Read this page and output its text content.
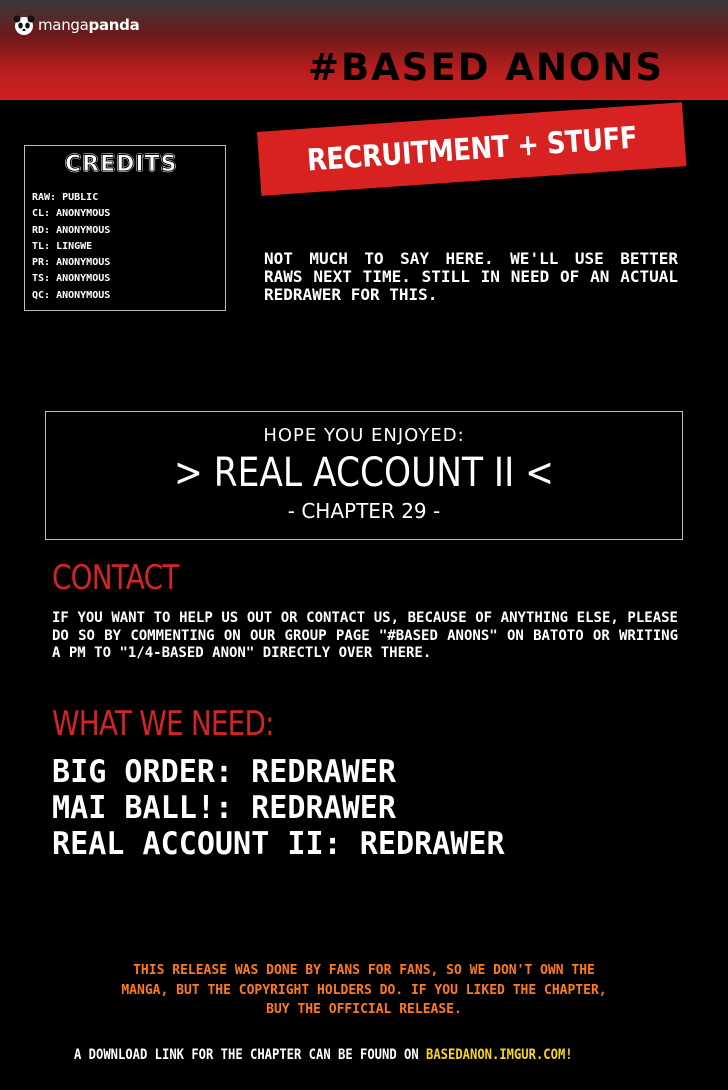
mangapanda
#BASED ANONS
CREDITS
RAW: PUBLIC
CL: ANONYMOUS
RD: ANONYMOUS
TL: LINGWE
PR: ANONYMOUS
TS: ANONYMOUS
QC: ANONYMOUS
RECRUITMENT + STUFF
NOT MUCH TO SAY HERE. WE'LL USE BETTER RAWS NEXT TIME. STILL IN NEED OF AN ACTUAL REDRAWER FOR THIS.
HOPE YOU ENJOYED:
> REAL ACCOUNT II <
- CHAPTER 29 -
CONTACT
IF YOU WANT TO HELP US OUT OR CONTACT US, BECAUSE OF ANYTHING ELSE, PLEASE DO SO BY COMMENTING ON OUR GROUP PAGE "#BASED ANONS" ON BATOTO OR WRITING A PM TO "1/4-BASED ANON" DIRECTLY OVER THERE.
WHAT WE NEED:
BIG ORDER: REDRAWER
MAI BALL!: REDRAWER
REAL ACCOUNT II: REDRAWER
THIS RELEASE WAS DONE BY FANS FOR FANS, SO WE DON'T OWN THE
MANGA, BUT THE COPYRIGHT HOLDERS DO. IF YOU LIKED THE CHAPTER,
BUY THE OFFICIAL RELEASE.
A DOWNLOAD LINK FOR THE CHAPTER CAN BE FOUND ON BASEDANON.IMGUR.COM!
